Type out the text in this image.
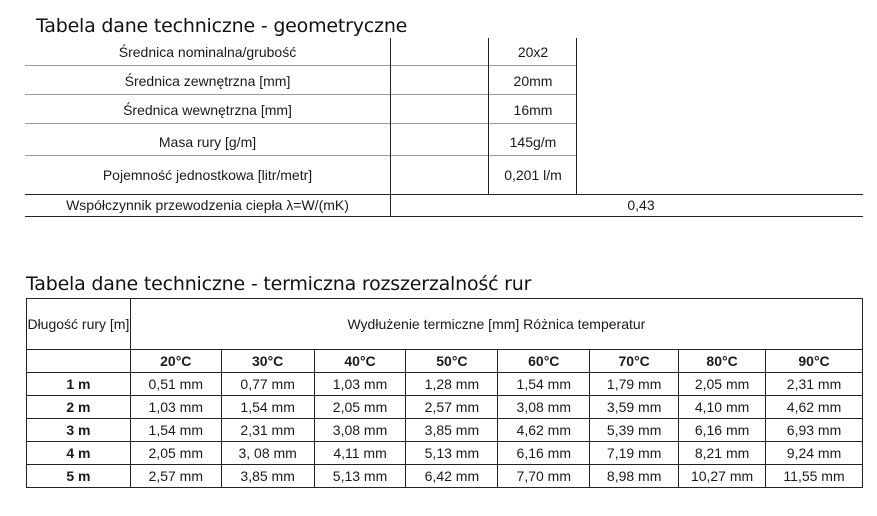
Tabela dane techniczne - geometryczne
Średnica nominalna/grubość	20x2
Średnica zewnętrzna [mm]	20mm
Średnica wewnętrzna [mm]	16mm
Masa rury [g/m]	145g/m
Pojemność jednostkowa [litr/metr]	0,201 l/m
Współczynnik przewodzenia ciepła λ=W/(mK)	0,43
Tabela dane techniczne - termiczna rozszerzalność rur
Długość rury [m]	Wydłużenie termiczne [mm] Różnica temperatur							
	20°C	30°C	40°C	50°C	60°C	70°C	80°C	90°C
1 m	0,51 mm	0,77 mm	1,03 mm	1,28 mm	1,54 mm	1,79 mm	2,05 mm	2,31 mm
2 m	1,03 mm	1,54 mm	2,05 mm	2,57 mm	3,08 mm	3,59 mm	4,10 mm	4,62 mm
3 m	1,54 mm	2,31 mm	3,08 mm	3,85 mm	4,62 mm	5,39 mm	6,16 mm	6,93 mm
4 m	2,05 mm	3, 08 mm	4,11 mm	5,13 mm	6,16 mm	7,19 mm	8,21 mm	9,24 mm
5 m	2,57 mm	3,85 mm	5,13 mm	6,42 mm	7,70 mm	8,98 mm	10,27 mm	11,55 mm
